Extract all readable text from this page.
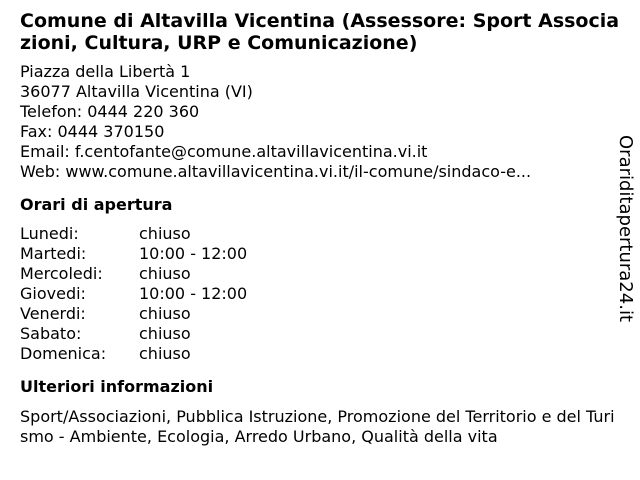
Comune di Altavilla Vicentina (Assessore: Sport Associazioni, Cultura, URP e Comunicazione)
Piazza della Libertà 1
36077 Altavilla Vicentina (VI)
Telefon: 0444 220 360
Fax: 0444 370150
Email: f.centofante@comune.altavillavicentina.vi.it
Web: www.comune.altavillavicentina.vi.it/il-comune/sindaco-e...
Orari di apertura
Lunedi:	chiuso
Martedi:	10:00 - 12:00
Mercoledi:	chiuso
Giovedi:	10:00 - 12:00
Venerdi:	chiuso
Sabato:	chiuso
Domenica:	chiuso
Ulteriori informazioni
Sport/Associazioni, Pubblica Istruzione, Promozione del Territorio e del Turismo - Ambiente, Ecologia, Arredo Urbano, Qualità della vita
Orariditapertura24.it
